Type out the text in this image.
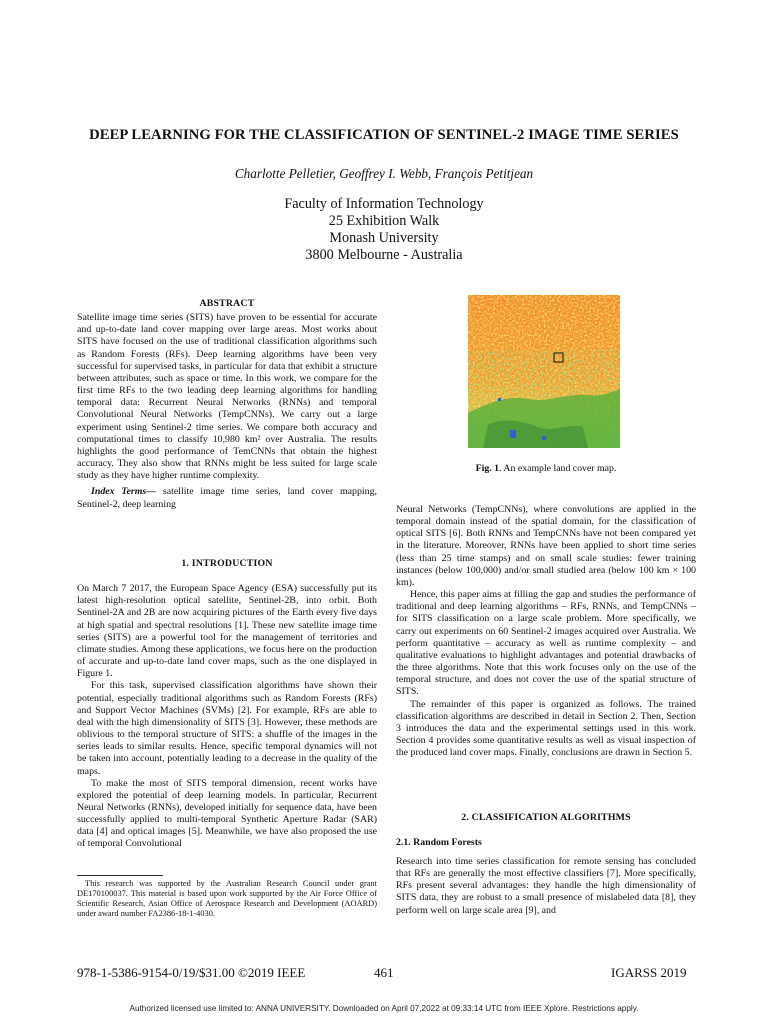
DEEP LEARNING FOR THE CLASSIFICATION OF SENTINEL-2 IMAGE TIME SERIES
Charlotte Pelletier, Geoffrey I. Webb, François Petitjean
Faculty of Information Technology
25 Exhibition Walk
Monash University
3800 Melbourne - Australia
ABSTRACT

Satellite image time series (SITS) have proven to be essential for accurate and up-to-date land cover mapping over large areas. Most works about SITS have focused on the use of traditional classification algorithms such as Random Forests (RFs). Deep learning algorithms have been very successful for supervised tasks, in particular for data that exhibit a structure between attributes, such as space or time. In this work, we compare for the first time RFs to the two leading deep learning algorithms for handling temporal data: Recurrent Neural Networks (RNNs) and temporal Convolutional Neural Networks (TempCNNs). We carry out a large experiment using Sentinel-2 time series. We compare both accuracy and computational times to classify 10,980 km² over Australia. The results highlights the good performance of TemCNNs that obtain the highest accuracy. They also show that RNNs might be less suited for large scale study as they have higher runtime complexity.

Index Terms— satellite image time series, land cover mapping, Sentinel-2, deep learning

1. INTRODUCTION

On March 7 2017, the European Space Agency (ESA) successfully put its latest high-resolution optical satellite, Sentinel-2B, into orbit. Both Sentinel-2A and 2B are now acquiring pictures of the Earth every five days at high spatial and spectral resolutions [1]. These new satellite image time series (SITS) are a powerful tool for the management of territories and climate studies. Among these applications, we focus here on the production of accurate and up-to-date land cover maps, such as the one displayed in Figure 1.

For this task, supervised classification algorithms have shown their potential, especially traditional algorithms such as Random Forests (RFs) and Support Vector Machines (SVMs) [2]. For example, RFs are able to deal with the high dimensionality of SITS [3]. However, these methods are oblivious to the temporal structure of SITS: a shuffle of the images in the series leads to similar results. Hence, specific temporal dynamics will not be taken into account, potentially leading to a decrease in the quality of the maps.

To make the most of SITS temporal dimension, recent works have explored the potential of deep learning models. In particular, Recurrent Neural Networks (RNNs), developed initially for sequence data, have been successfully applied to multi-temporal Synthetic Aperture Radar (SAR) data [4] and optical images [5]. Meanwhile, we have also proposed the use of temporal Convolutional

This research was supported by the Australian Research Council under grant DE170100037. This material is based upon work supported by the Air Force Office of Scientific Research, Asian Office of Aerospace Research and Development (AOARD) under award number FA2386-18-1-4030.

Fig. 1. An example land cover map.

Neural Networks (TempCNNs), where convolutions are applied in the temporal domain instead of the spatial domain, for the classification of optical SITS [6]. Both RNNs and TempCNNs have not been compared yet in the literature. Moreover, RNNs have been applied to short time series (less than 25 time stamps) and on small scale studies: fewer training instances (below 100,000) and/or small studied area (below 100 km × 100 km).

Hence, this paper aims at filling the gap and studies the performance of traditional and deep learning algorithms – RFs, RNNs, and TempCNNs – for SITS classification on a large scale problem. More specifically, we carry out experiments on 60 Sentinel-2 images acquired over Australia. We perform quantitative – accuracy as well as runtime complexity – and qualitative evaluations to highlight advantages and potential drawbacks of the three algorithms. Note that this work focuses only on the use of the temporal structure, and does not cover the use of the spatial structure of SITS.

The remainder of this paper is organized as follows. The trained classification algorithms are described in detail in Section 2. Then, Section 3 introduces the data and the experimental settings used in this work. Section 4 provides some quantitative results as well as visual inspection of the produced land cover maps. Finally, conclusions are drawn in Section 5.

2. CLASSIFICATION ALGORITHMS
2.1. Random Forests
Research into time series classification for remote sensing has concluded that RFs are generally the most effective classifiers [7]. More specifically, RFs present several advantages: they handle the high dimensionality of SITS data, they are robust to a small presence of mislabeled data [8], they perform well on large scale area [9], and
978-1-5386-9154-0/19/$31.00 ©2019 IEEE	461	IGARSS 2019
Authorized licensed use limited to: ANNA UNIVERSITY. Downloaded on April 07,2022 at 09:33:14 UTC from IEEE Xplore. Restrictions apply.
